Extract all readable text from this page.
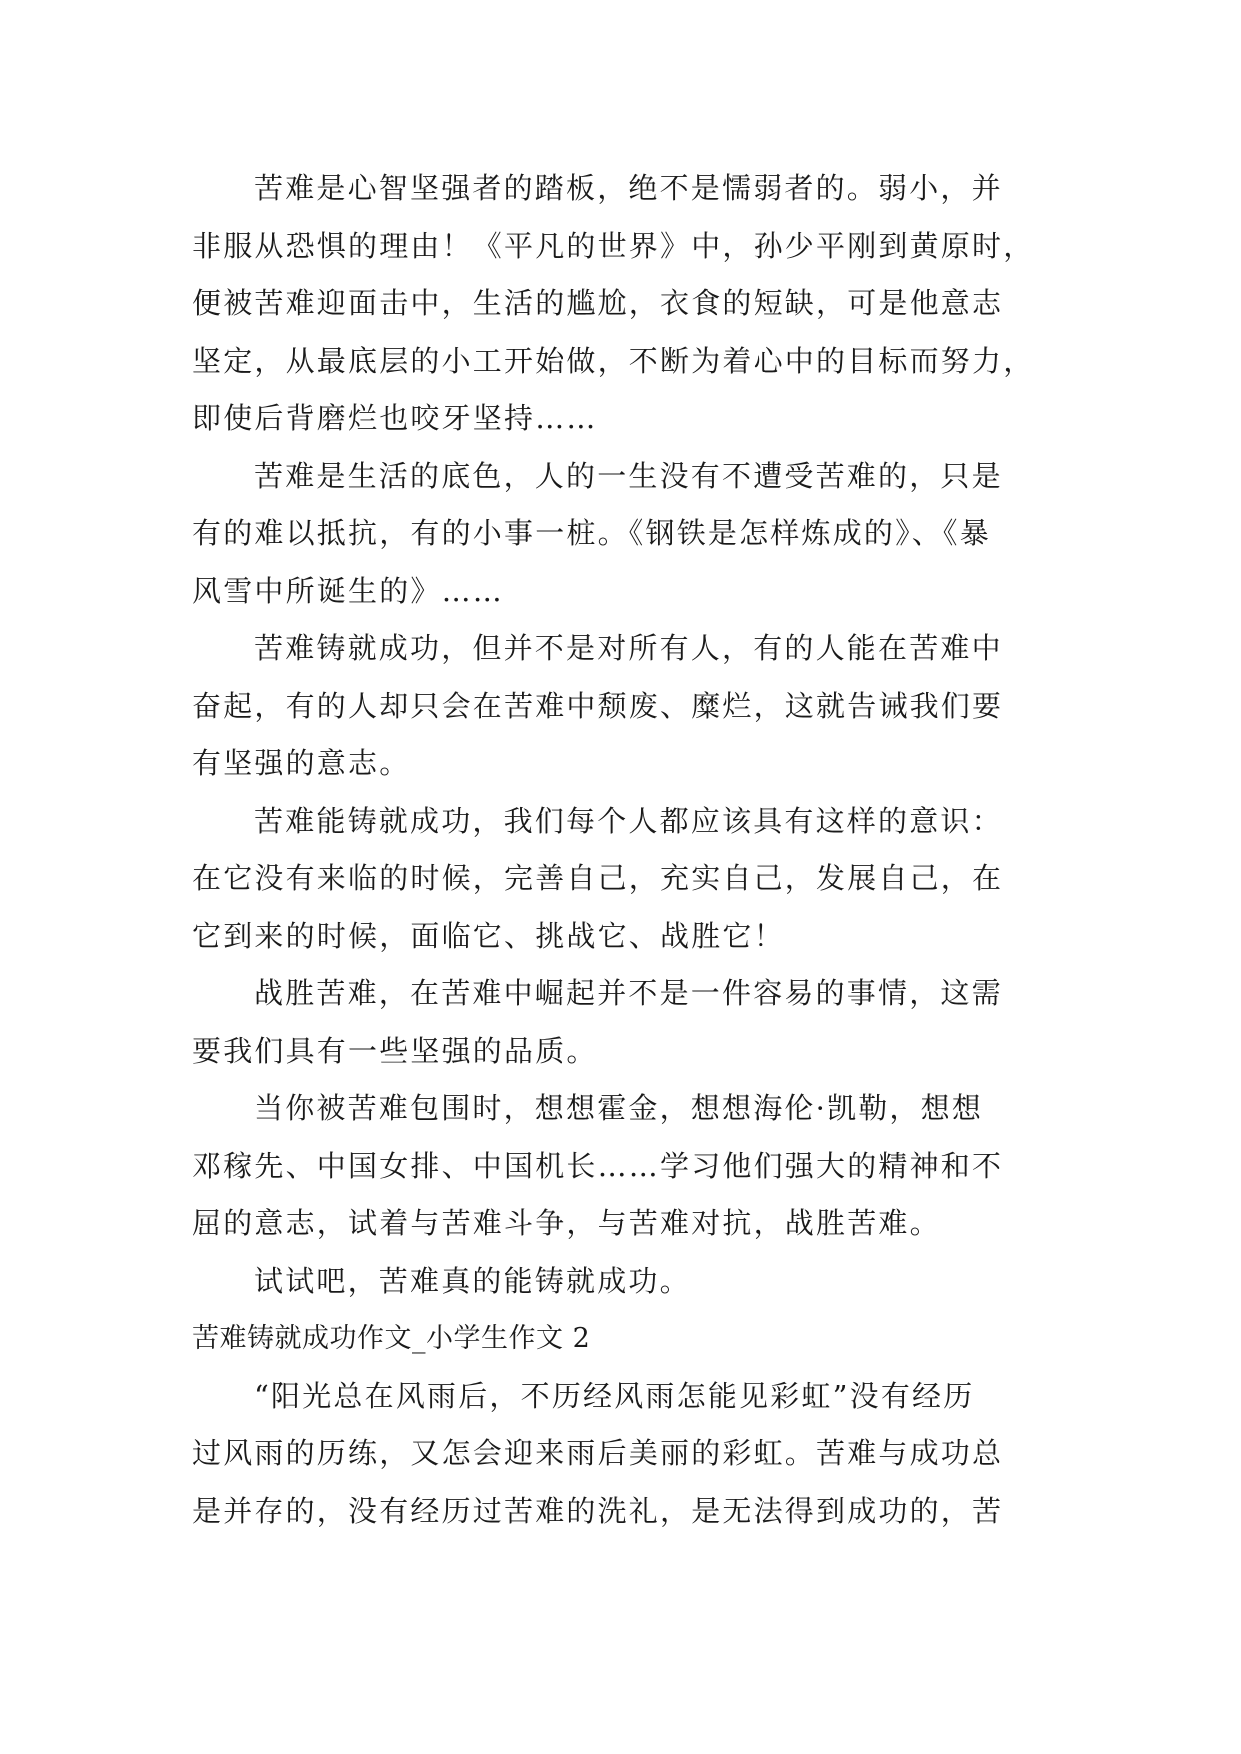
苦难是心智坚强者的踏板，绝不是懦弱者的。弱小，并
非服从恐惧的理由！《平凡的世界》中，孙少平刚到黄原时，
便被苦难迎面击中，生活的尴尬，衣食的短缺，可是他意志
坚定，从最底层的小工开始做，不断为着心中的目标而努力，
即使后背磨烂也咬牙坚持……

苦难是生活的底色，人的一生没有不遭受苦难的，只是
有的难以抵抗，有的小事一桩。《钢铁是怎样炼成的》、《暴
风雪中所诞生的》……

苦难铸就成功，但并不是对所有人，有的人能在苦难中
奋起，有的人却只会在苦难中颓废、糜烂，这就告诫我们要
有坚强的意志。

苦难能铸就成功，我们每个人都应该具有这样的意识：
在它没有来临的时候，完善自己，充实自己，发展自己，在
它到来的时候，面临它、挑战它、战胜它！

战胜苦难，在苦难中崛起并不是一件容易的事情，这需
要我们具有一些坚强的品质。

当你被苦难包围时，想想霍金，想想海伦·凯勒，想想
邓稼先、中国女排、中国机长……学习他们强大的精神和不
屈的意志，试着与苦难斗争，与苦难对抗，战胜苦难。

试试吧，苦难真的能铸就成功。

苦难铸就成功作文_小学生作文 2

“阳光总在风雨后，不历经风雨怎能见彩虹”没有经历
过风雨的历练，又怎会迎来雨后美丽的彩虹。苦难与成功总
是并存的，没有经历过苦难的洗礼，是无法得到成功的，苦
